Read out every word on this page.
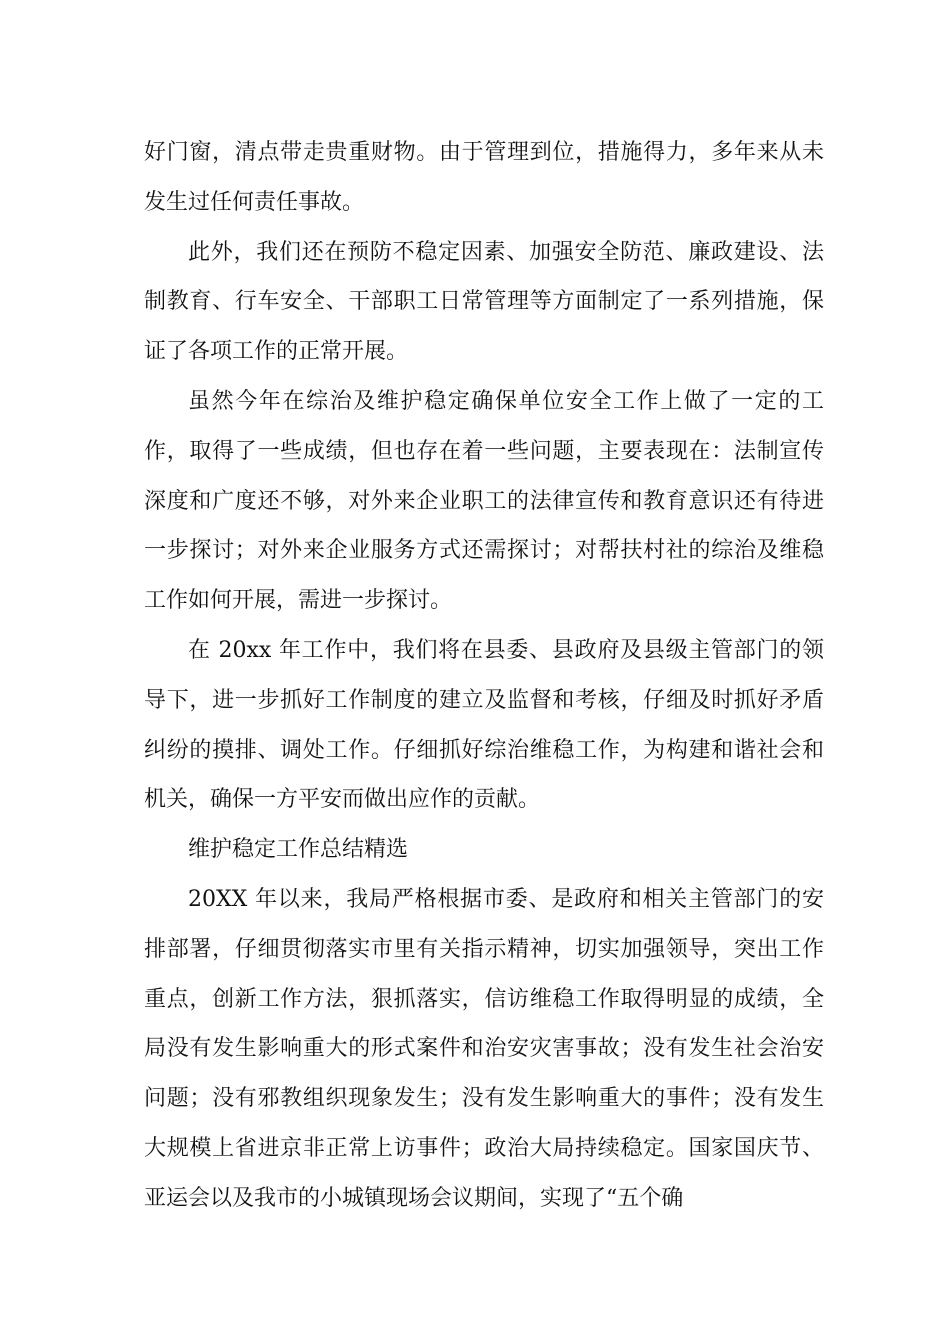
好门窗，清点带走贵重财物。由于管理到位，措施得力，多年来从未发生过任何责任事故。

此外，我们还在预防不稳定因素、加强安全防范、廉政建设、法制教育、行车安全、干部职工日常管理等方面制定了一系列措施，保证了各项工作的正常开展。

虽然今年在综治及维护稳定确保单位安全工作上做了一定的工作，取得了一些成绩，但也存在着一些问题，主要表现在：法制宣传深度和广度还不够，对外来企业职工的法律宣传和教育意识还有待进一步探讨；对外来企业服务方式还需探讨；对帮扶村社的综治及维稳工作如何开展，需进一步探讨。

在 20xx 年工作中，我们将在县委、县政府及县级主管部门的领导下，进一步抓好工作制度的建立及监督和考核，仔细及时抓好矛盾纠纷的摸排、调处工作。仔细抓好综治维稳工作，为构建和谐社会和机关，确保一方平安而做出应作的贡献。

维护稳定工作总结精选

20XX 年以来，我局严格根据市委、是政府和相关主管部门的安排部署，仔细贯彻落实市里有关指示精神，切实加强领导，突出工作重点，创新工作方法，狠抓落实，信访维稳工作取得明显的成绩，全局没有发生影响重大的形式案件和治安灾害事故；没有发生社会治安问题；没有邪教组织现象发生；没有发生影响重大的事件；没有发生大规模上省进京非正常上访事件；政治大局持续稳定。国家国庆节、亚运会以及我市的小城镇现场会议期间，实现了“五个确
